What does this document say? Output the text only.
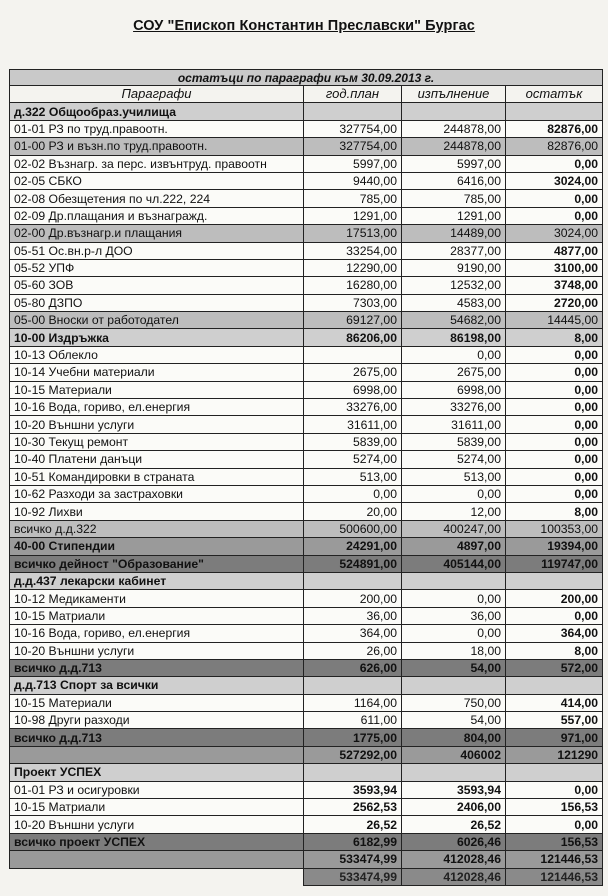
СОУ "Епископ Константин Преславски" Бургас
остатъци по параграфи към 30.09.2013 г.			
Параграфи	год.план	изпълнение	остатък
д.322 Общообраз.училища			
01-01 РЗ по труд.правоотн.	327754,00	244878,00	82876,00
01-00 РЗ и възн.по труд.правоотн.	327754,00	244878,00	82876,00
02-02 Възнагр. за перс. извънтруд. правоотн	5997,00	5997,00	0,00
02-05 СБКО	9440,00	6416,00	3024,00
02-08 Обезщетения по чл.222, 224	785,00	785,00	0,00
02-09 Др.плащания и възнагражд.	1291,00	1291,00	0,00
02-00 Др.възнагр.и плащания	17513,00	14489,00	3024,00
05-51 Ос.вн.р-л ДОО	33254,00	28377,00	4877,00
05-52 УПФ	12290,00	9190,00	3100,00
05-60 ЗОВ	16280,00	12532,00	3748,00
05-80 ДЗПО	7303,00	4583,00	2720,00
05-00 Вноски от работодател	69127,00	54682,00	14445,00
10-00 Издръжка	86206,00	86198,00	8,00
10-13 Облекло		0,00	0,00
10-14 Учебни материали	2675,00	2675,00	0,00
10-15 Материали	6998,00	6998,00	0,00
10-16 Вода, гориво, ел.енергия	33276,00	33276,00	0,00
10-20 Външни услуги	31611,00	31611,00	0,00
10-30 Текущ ремонт	5839,00	5839,00	0,00
10-40 Платени данъци	5274,00	5274,00	0,00
10-51 Командировки в страната	513,00	513,00	0,00
10-62 Разходи за застраховки	0,00	0,00	0,00
10-92 Лихви	20,00	12,00	8,00
всичко д.д.322	500600,00	400247,00	100353,00
40-00 Стипендии	24291,00	4897,00	19394,00
всичко дейност "Образование"	524891,00	405144,00	119747,00
д.д.437 лекарски кабинет			
10-12 Медикаменти	200,00	0,00	200,00
10-15 Матриали	36,00	36,00	0,00
10-16 Вода, гориво, ел.енергия	364,00	0,00	364,00
10-20 Външни услуги	26,00	18,00	8,00
всичко д.д.713	626,00	54,00	572,00
д.д.713 Спорт за всички			
10-15 Материали	1164,00	750,00	414,00
10-98 Други разходи	611,00	54,00	557,00
всичко д.д.713	1775,00	804,00	971,00
	527292,00	406002	121290
Проект УСПЕХ			
01-01 РЗ и осигуровки	3593,94	3593,94	0,00
10-15 Матриали	2562,53	2406,00	156,53
10-20 Външни услуги	26,52	26,52	0,00
всичко проект УСПЕХ	6182,99	6026,46	156,53
	533474,99	412028,46	121446,53
	533474,99	412028,46	121446,53
